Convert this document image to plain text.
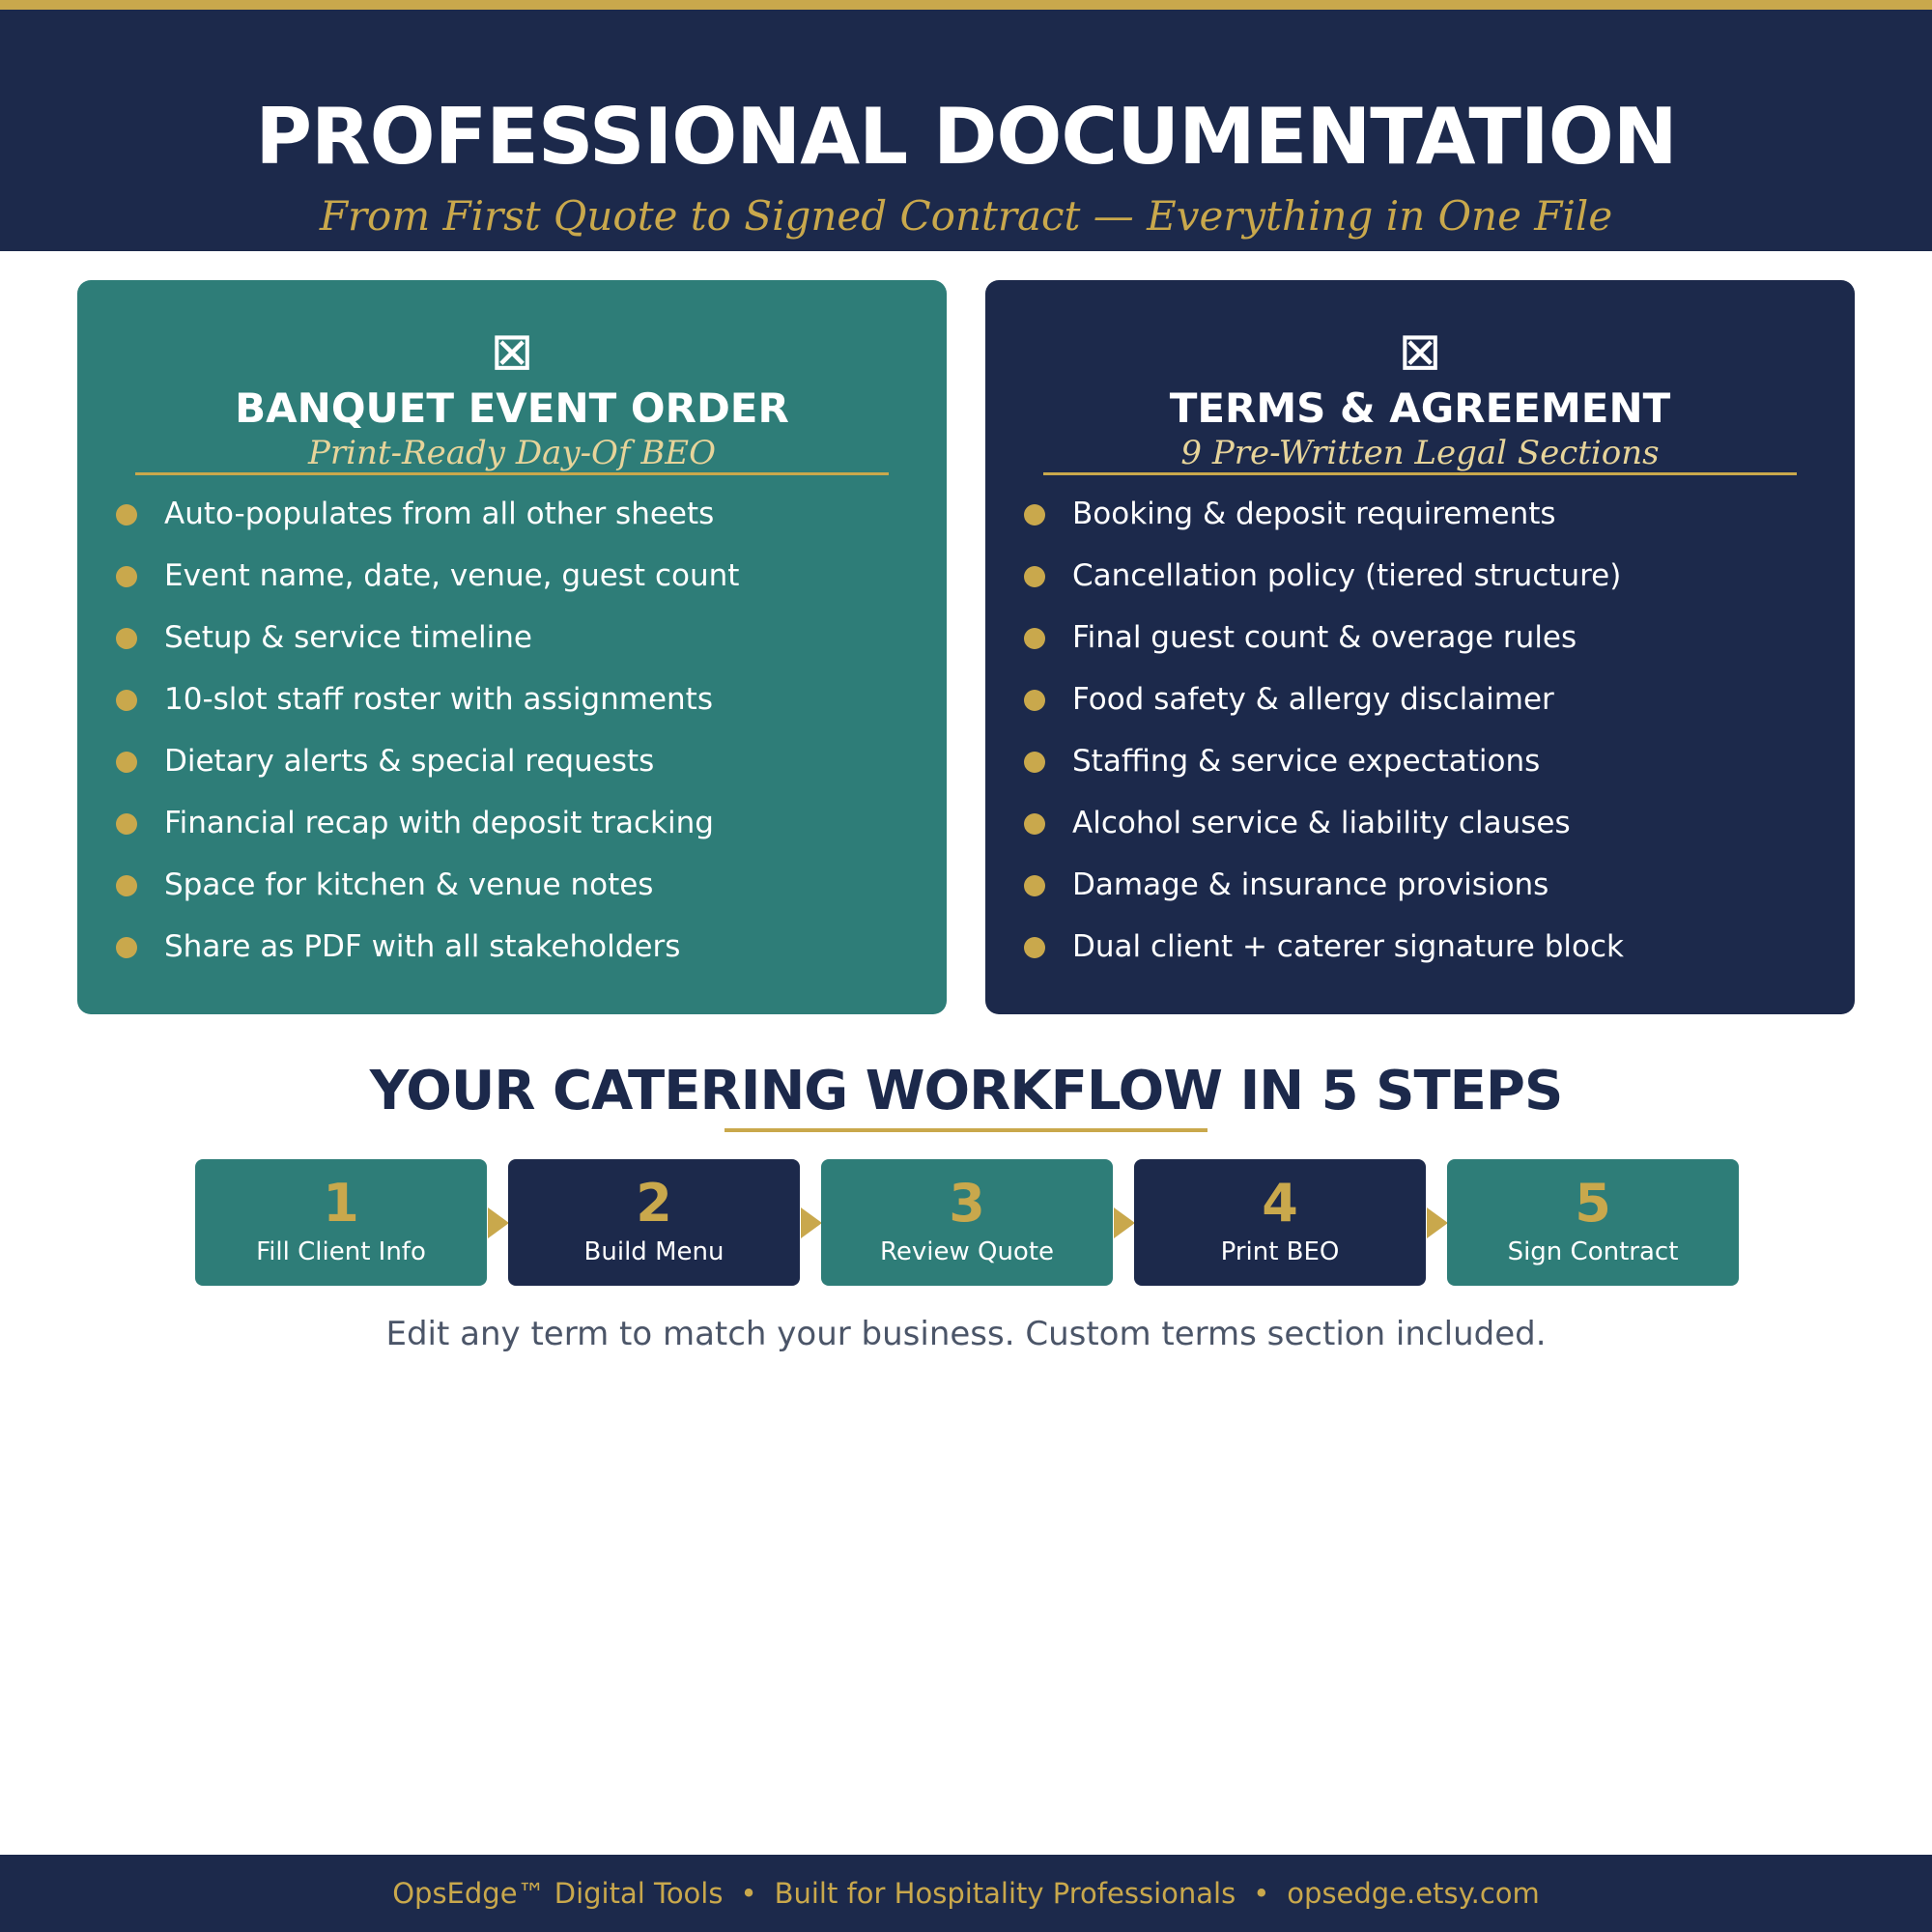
PROFESSIONAL DOCUMENTATION
From First Quote to Signed Contract — Everything in One File
⊠
BANQUET EVENT ORDER
Print-Ready Day-Of BEO
Auto-populates from all other sheets
Event name, date, venue, guest count
Setup & service timeline
10-slot staff roster with assignments
Dietary alerts & special requests
Financial recap with deposit tracking
Space for kitchen & venue notes
Share as PDF with all stakeholders
⊠
TERMS & AGREEMENT
9 Pre-Written Legal Sections
Booking & deposit requirements
Cancellation policy (tiered structure)
Final guest count & overage rules
Food safety & allergy disclaimer
Staffing & service expectations
Alcohol service & liability clauses
Damage & insurance provisions
Dual client + caterer signature block
YOUR CATERING WORKFLOW IN 5 STEPS
1
Fill Client Info
2
Build Menu
3
Review Quote
4
Print BEO
5
Sign Contract
Edit any term to match your business. Custom terms section included.
OpsEdge™ Digital Tools • Built for Hospitality Professionals • opsedge.etsy.com
